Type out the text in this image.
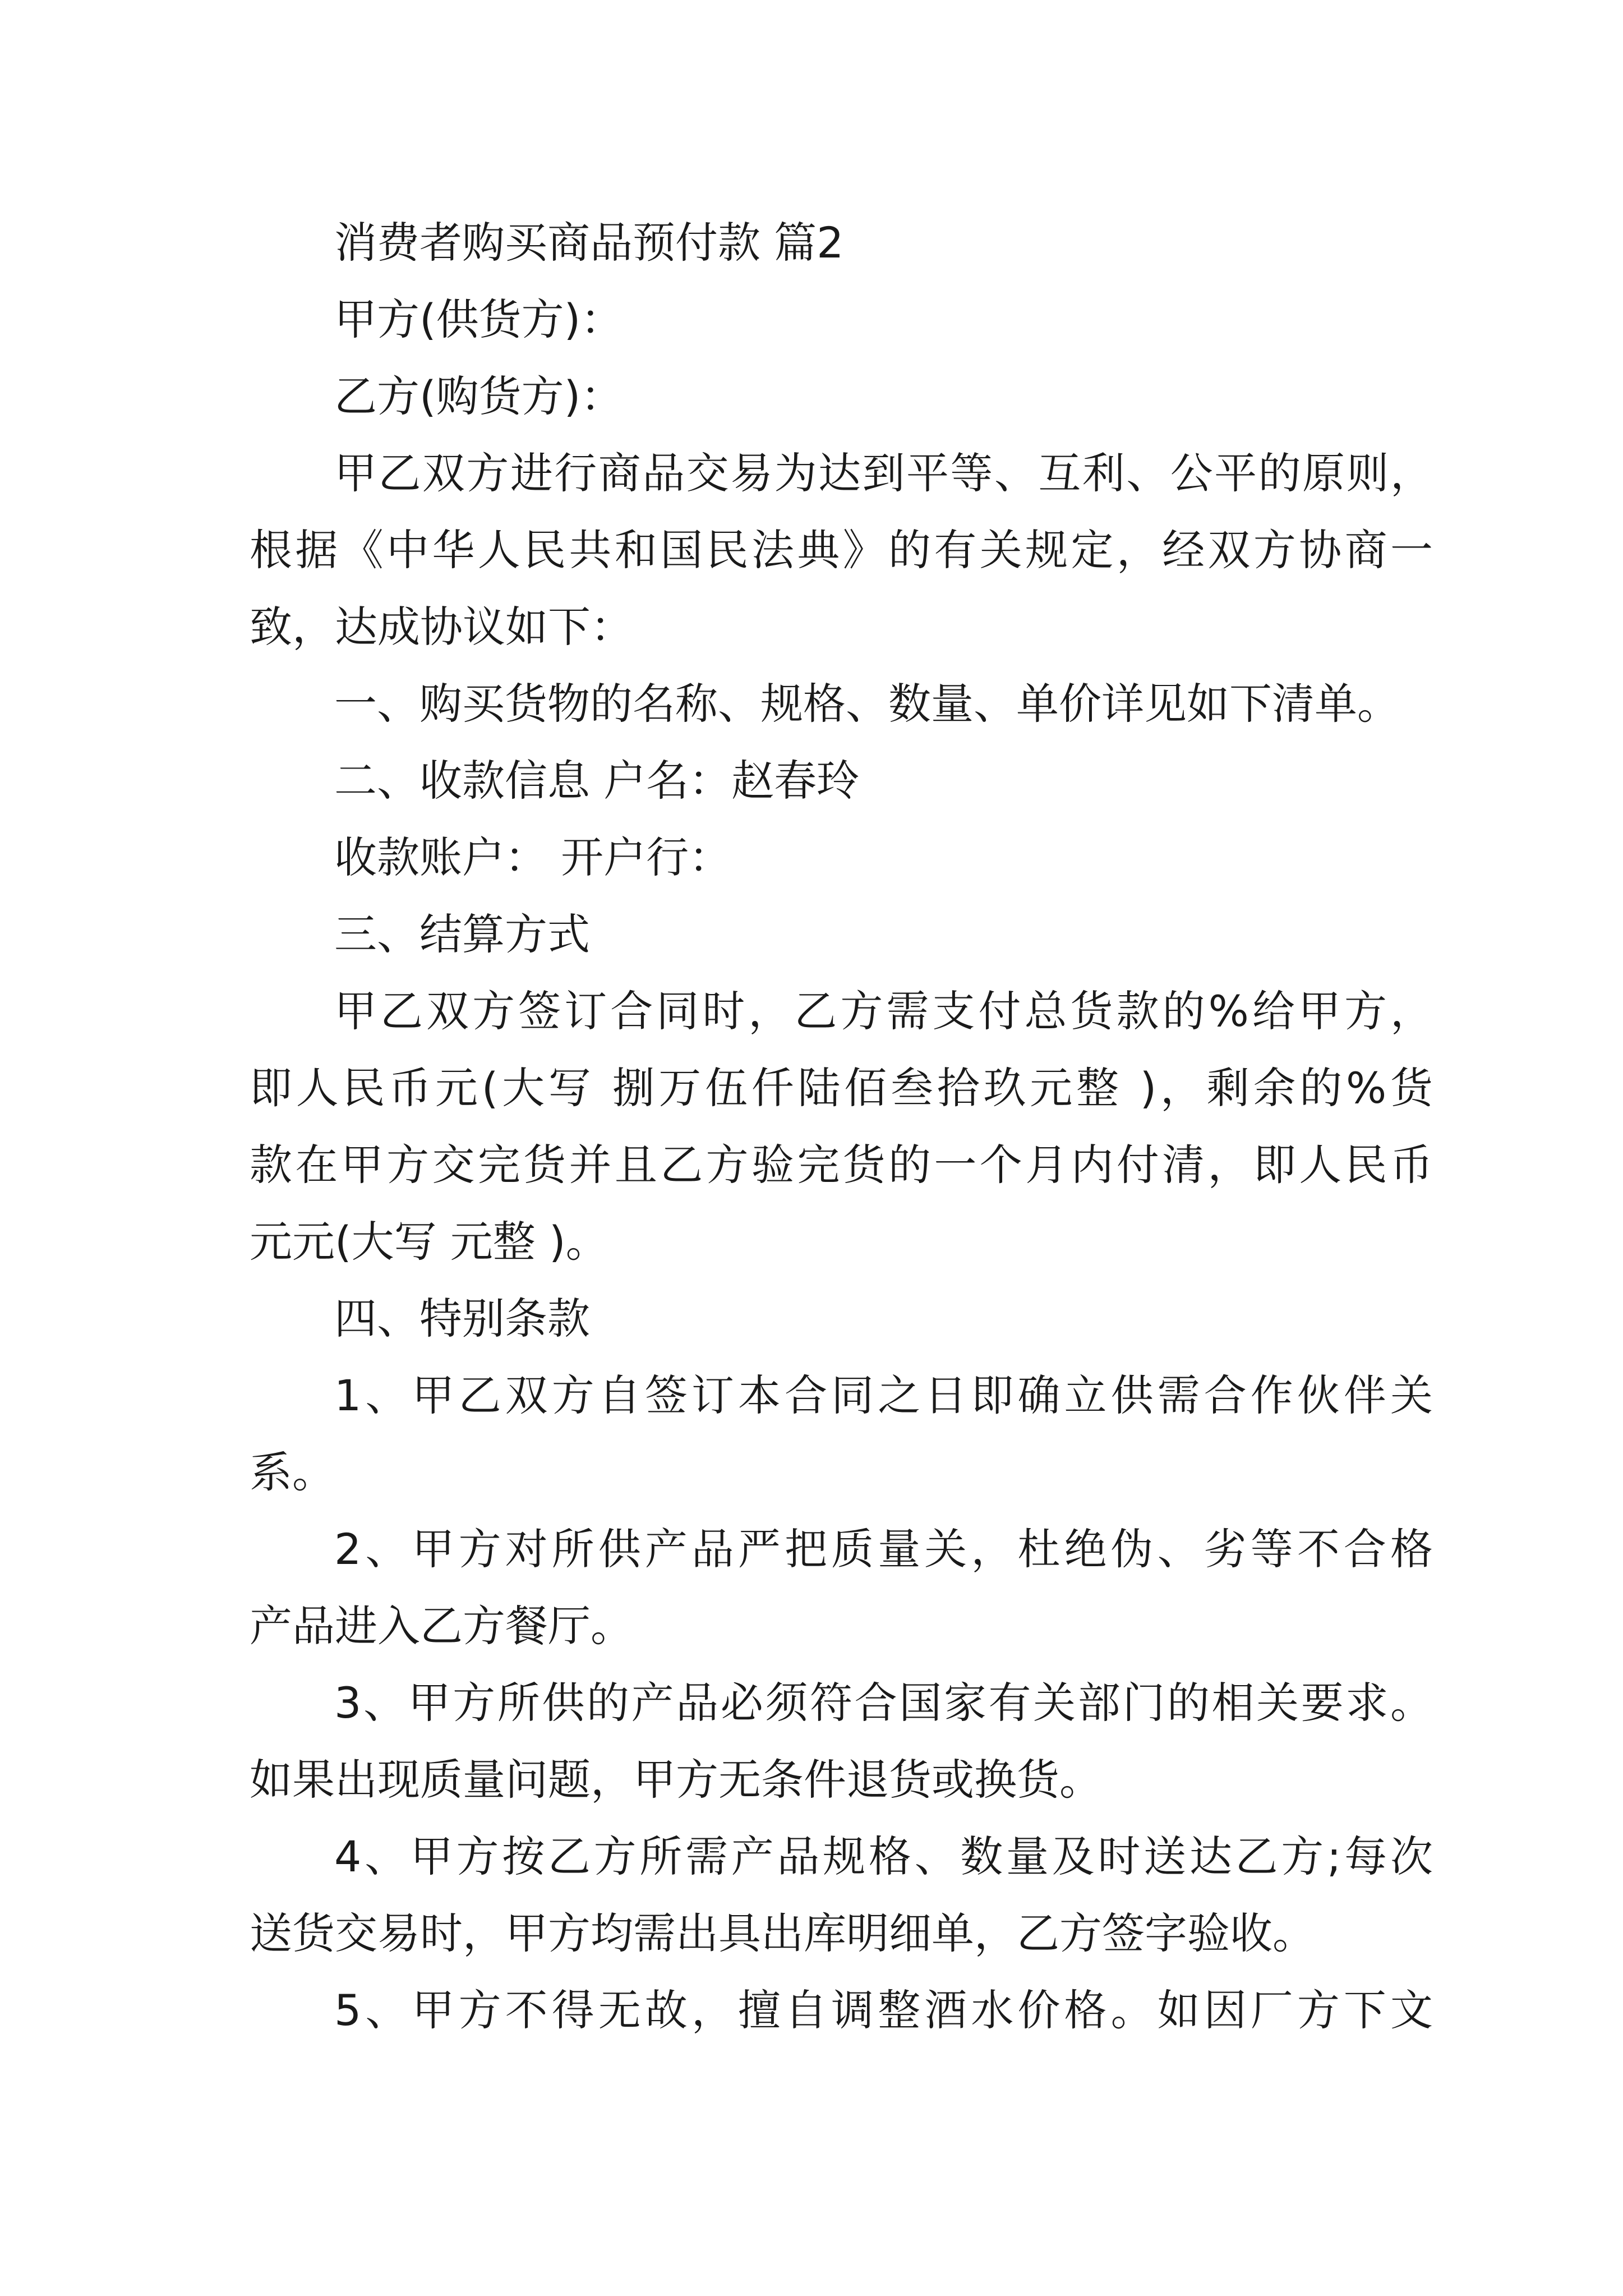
消费者购买商品预付款 篇2
甲方(供货方)：
乙方(购货方)：
甲乙双方进行商品交易为达到平等、互利、公平的原则，
根据《中华人民共和国民法典》的有关规定，经双方协商一
致，达成协议如下：
一、购买货物的名称、规格、数量、单价详见如下清单。
二、收款信息 户名：赵春玲
收款账户： 开户行：
三、结算方式
甲乙双方签订合同时，乙方需支付总货款的%给甲方，
即人民币元(大写 捌万伍仟陆佰叁拾玖元整 )，剩余的%货
款在甲方交完货并且乙方验完货的一个月内付清，即人民币
元元(大写 元整 )。
四、特别条款
1、甲乙双方自签订本合同之日即确立供需合作伙伴关
系。
2、甲方对所供产品严把质量关，杜绝伪、劣等不合格
产品进入乙方餐厅。
3、甲方所供的产品必须符合国家有关部门的相关要求。
如果出现质量问题，甲方无条件退货或换货。
4、甲方按乙方所需产品规格、数量及时送达乙方;每次
送货交易时，甲方均需出具出库明细单，乙方签字验收。
5、甲方不得无故，擅自调整酒水价格。如因厂方下文
